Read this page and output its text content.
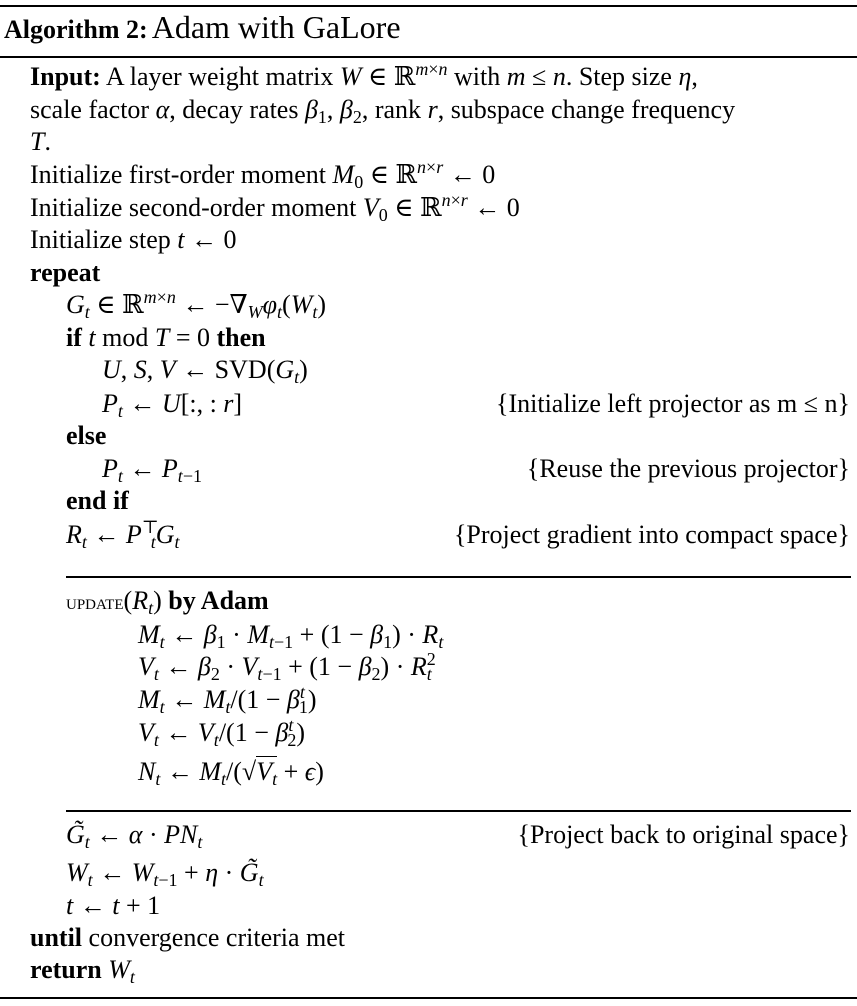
Algorithm 2: Adam with GaLore
Input: A layer weight matrix W ∈ ℝ$^{m\times n}$ with m ≤ n. Step size η,
scale factor α, decay rates $\beta_1$, $\beta_2$, rank r, subspace change frequency
T.
Initialize first-order moment $M_0$ ∈ ℝ$^{n\times r}$ ← 0
Initialize second-order moment $V_0$ ∈ ℝ$^{n\times r}$ ← 0
Initialize step t ← 0
repeat
$G_t$ ∈ ℝ$^{m\times n}$ ← $-\nabla_W\varphi_t(W_t)$
if t mod T = 0 then
U, S, V ← $SVD(G_t)$
$P_t$ ← U[:, : r]	{Initialize left projector as m ≤ n}
else
$P_t$ ← $P_{t-1}$	{Reuse the previous projector}
end if
$R_t$ ← $P^⊤_tG_t$	{Project gradient into compact space}
$update(R_t)$ by Adam
$M_t$ ← $\beta_1 \cdot M_{t-1} + (1 - \beta_1) \cdot R_t$
$V_t$ ← $\beta_2 \cdot V_{t-1} + (1 - \beta_2) \cdot R^2_t$
$M_t$ ← $M_t/(1 - \beta^t_1)$
$V_t$ ← $V_t/(1 - \beta^t_2)$
$N_t$ ← $M_t/(√V_t + \epsilon)$
$G̃_t$ ← $\alpha \cdot PN_t$	{Project back to original space}
$W_t$ ← $W_{t-1} + \eta$ · $G̃_t$
t ← t + 1
until convergence criteria met
return $W_t$
